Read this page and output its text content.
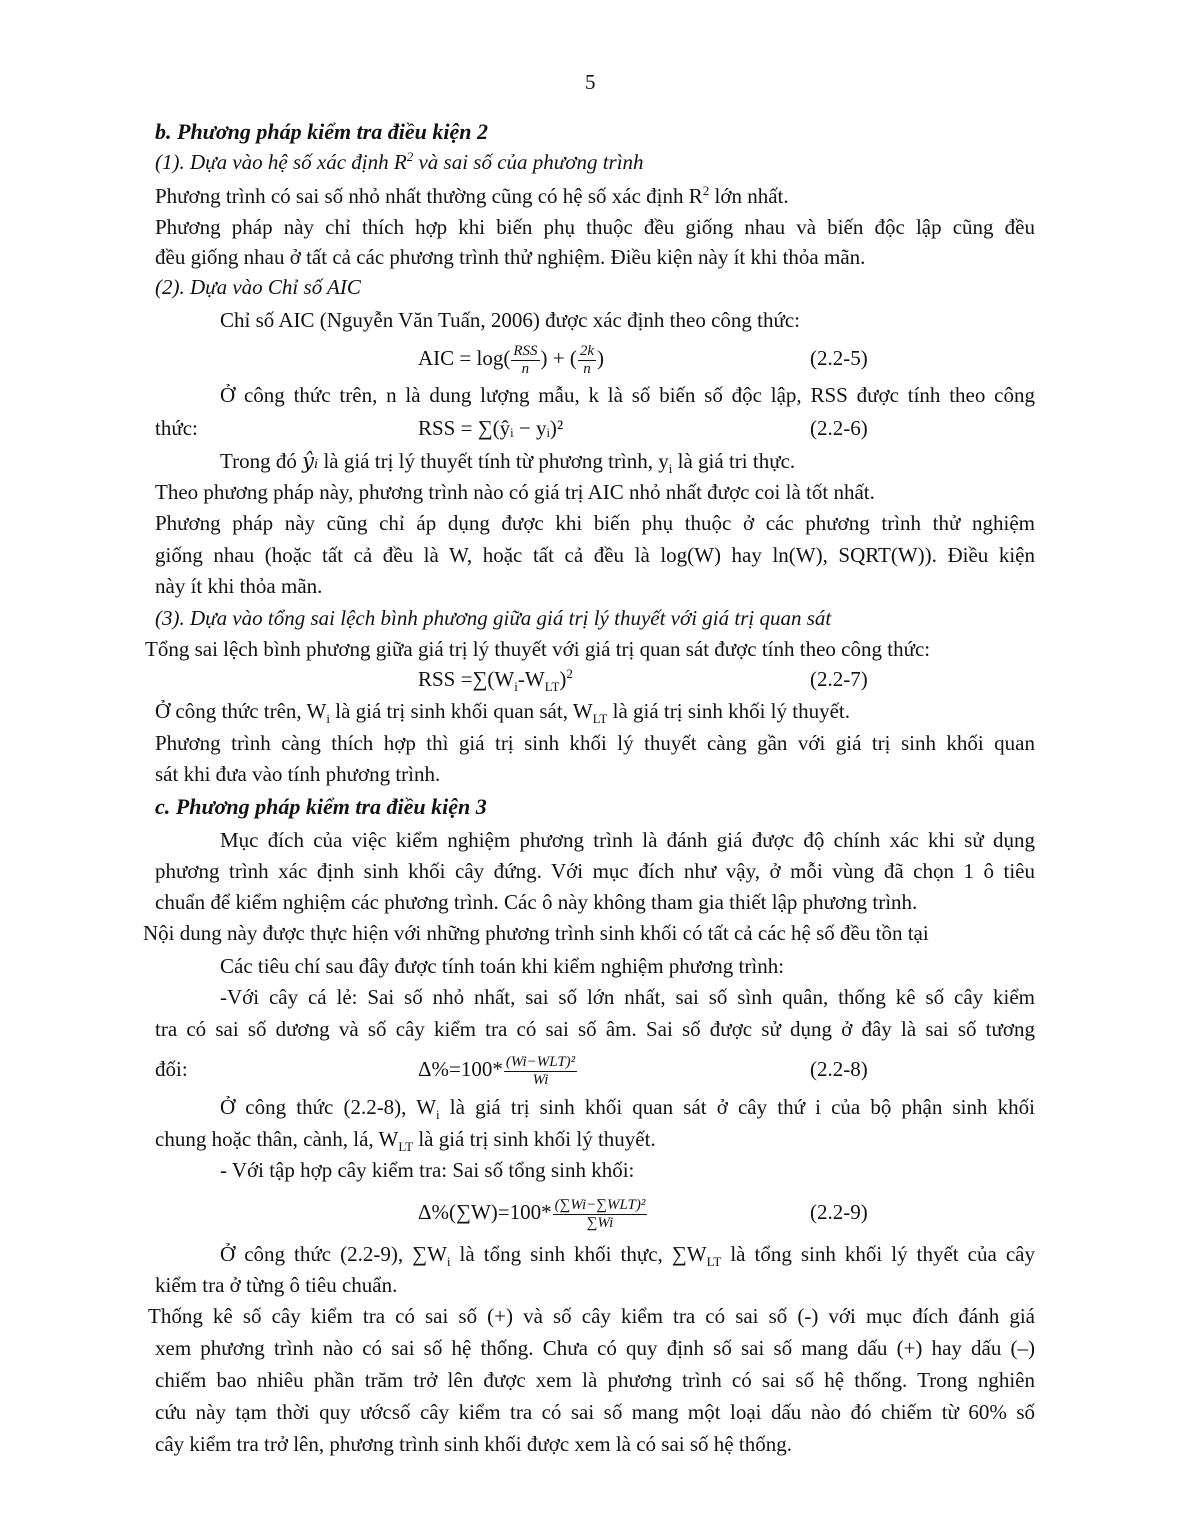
5
b. Phương pháp kiểm tra điều kiện 2
(1). Dựa vào hệ số xác định $R^2$ và sai số của phương trình
Phương trình có sai số nhỏ nhất thường cũng có hệ số xác định $R^2$ lớn nhất.
Phương pháp này chỉ thích hợp khi biến phụ thuộc đều giống nhau và biến độc lập cũng đều
đều giống nhau ở tất cả các phương trình thử nghiệm. Điều kiện này ít khi thỏa mãn.
(2). Dựa vào Chỉ số AIC
Chỉ số AIC (Nguyễn Văn Tuấn, 2006) được xác định theo công thức:
AIC = $\log( \frac{\text{RSS}}{n}$ ) + ( $\frac{2k}{n}$ )	(2.2-5)
Ở công thức trên, n là dung lượng mẫu, k là số biến số độc lập, RSS được tính theo công
thức:	RSS = ∑(ŷᵢ − yᵢ)²	(2.2-6)
Trong đó ŷᵢ là giá trị lý thuyết tính từ phương trình, $y_i$ là giá tri thực.
Theo phương pháp này, phương trình nào có giá trị AIC nhỏ nhất được coi là tốt nhất.
Phương pháp này cũng chỉ áp dụng được khi biến phụ thuộc ở các phương trình thử nghiệm
giống nhau (hoặc tất cả đều là W, hoặc tất cả đều là log(W) hay ln(W), SQRT(W)). Điều kiện
này ít khi thỏa mãn.
(3). Dựa vào tổng sai lệch bình phương giữa giá trị lý thuyết với giá trị quan sát
Tổng sai lệch bình phương giữa giá trị lý thuyết với giá trị quan sát được tính theo công thức:
RSS $=\sum(W_i-W_{LT})^2$	(2.2-7)
Ở công thức trên, $W_i$ là giá trị sinh khối quan sát, $W_{LT}$ là giá trị sinh khối lý thuyết.
Phương trình càng thích hợp thì giá trị sinh khối lý thuyết càng gần với giá trị sinh khối quan
sát khi đưa vào tính phương trình.
c. Phương pháp kiểm tra điều kiện 3
Mục đích của việc kiểm nghiệm phương trình là đánh giá được độ chính xác khi sử dụng
phương trình xác định sinh khối cây đứng. Với mục đích như vậy, ở mỗi vùng đã chọn 1 ô tiêu
chuẩn để kiểm nghiệm các phương trình. Các ô này không tham gia thiết lập phương trình.
Nội dung này được thực hiện với những phương trình sinh khối có tất cả các hệ số đều tồn tại
Các tiêu chí sau đây được tính toán khi kiểm nghiệm phương trình:
-Với cây cá lẻ: Sai số nhỏ nhất, sai số lớn nhất, sai số sình quân, thống kê số cây kiểm
tra có sai số dương và số cây kiểm tra có sai số âm. Sai số được sử dụng ở đây là sai số tương
đối:	$\Delta\%=100* \frac{\text{(Wi−WLT)²}}{Wi}$	(2.2-8)
Ở công thức (2.2-8), $W_i$ là giá trị sinh khối quan sát ở cây thứ i của bộ phận sinh khối
chung hoặc thân, cành, lá, $W_{LT}$ là giá trị sinh khối lý thuyết.
- Với tập hợp cây kiểm tra: Sai số tổng sinh khối:
$\Delta\%(\sum W)=100* \frac{\text{(∑Wi−∑WLT)²}}{\sum Wi}$	(2.2-9)
Ở công thức (2.2-9), $\sum W_i$ là tổng sinh khối thực, $\sum W_{LT}$ là tổng sinh khối lý thyết của cây
kiểm tra ở từng ô tiêu chuẩn.
Thống kê số cây kiểm tra có sai số (+) và số cây kiểm tra có sai số (-) với mục đích đánh giá
xem phương trình nào có sai số hệ thống. Chưa có quy định số sai số mang dấu (+) hay dấu (–)
chiếm bao nhiêu phần trăm trở lên được xem là phương trình có sai số hệ thống. Trong nghiên
cứu này tạm thời quy ướcsố cây kiểm tra có sai số mang một loại dấu nào đó chiếm từ 60% số
cây kiểm tra trở lên, phương trình sinh khối được xem là có sai số hệ thống.
